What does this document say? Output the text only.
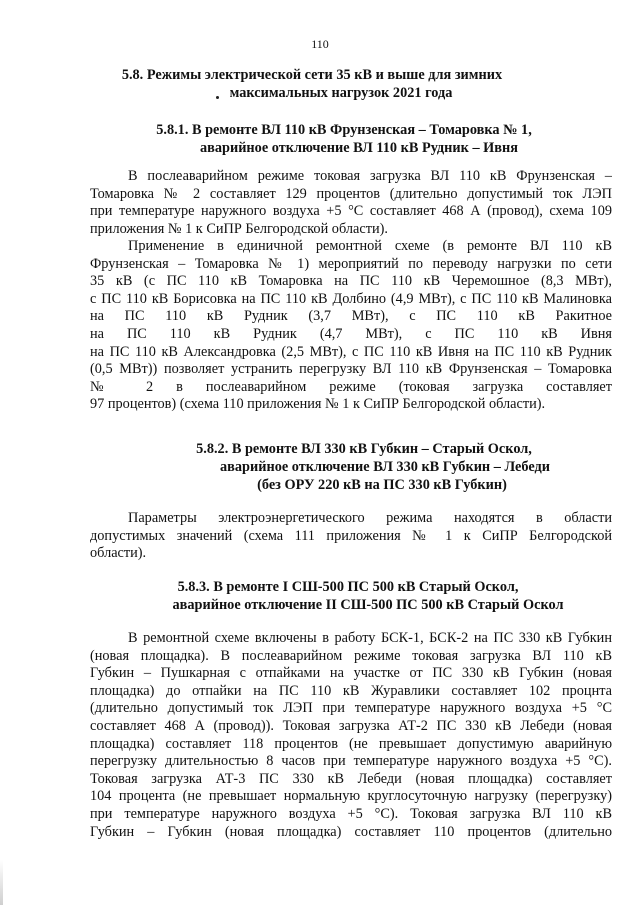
110
5.8. Режимы электрической сети 35 кВ и выше для зимних
максимальных нагрузок 2021 года
5.8.1. В ремонте ВЛ 110 кВ Фрунзенская – Томаровка № 1,
аварийное отключение ВЛ 110 кВ Рудник – Ивня
В послеаварийном режиме токовая загрузка ВЛ 110 кВ Фрунзенская –
Томаровка № 2 составляет 129 процентов (длительно допустимый ток ЛЭП
при температуре наружного воздуха +5 °С составляет 468 А (провод), схема 109
приложения № 1 к СиПР Белгородской области).
Применение в единичной ремонтной схеме (в ремонте ВЛ 110 кВ
Фрунзенская – Томаровка № 1) мероприятий по переводу нагрузки по сети
35 кВ (с ПС 110 кВ Томаровка на ПС 110 кВ Черемошное (8,3 МВт),
с ПС 110 кВ Борисовка на ПС 110 кВ Долбино (4,9 МВт), с ПС 110 кВ Малиновка
на ПС 110 кВ Рудник (3,7 МВт), с ПС 110 кВ Ракитное
на ПС 110 кВ Рудник (4,7 МВт), с ПС 110 кВ Ивня
на ПС 110 кВ Александровка (2,5 МВт), с ПС 110 кВ Ивня на ПС 110 кВ Рудник
(0,5 МВт)) позволяет устранить перегрузку ВЛ 110 кВ Фрунзенская – Томаровка
№ 2 в послеаварийном режиме (токовая загрузка составляет
97 процентов) (схема 110 приложения № 1 к СиПР Белгородской области).
5.8.2. В ремонте ВЛ 330 кВ Губкин – Старый Оскол,
аварийное отключение ВЛ 330 кВ Губкин – Лебеди
(без ОРУ 220 кВ на ПС 330 кВ Губкин)
Параметры электроэнергетического режима находятся в области
допустимых значений (схема 111 приложения № 1 к СиПР Белгородской
области).
5.8.3. В ремонте I СШ-500 ПС 500 кВ Старый Оскол,
аварийное отключение II СШ-500 ПС 500 кВ Старый Оскол
В ремонтной схеме включены в работу БСК-1, БСК-2 на ПС 330 кВ Губкин
(новая площадка). В послеаварийном режиме токовая загрузка ВЛ 110 кВ
Губкин – Пушкарная с отпайками на участке от ПС 330 кВ Губкин (новая
площадка) до отпайки на ПС 110 кВ Журавлики составляет 102 процнта
(длительно допустимый ток ЛЭП при температуре наружного воздуха +5 °С
составляет 468 А (провод)). Токовая загрузка АТ-2 ПС 330 кВ Лебеди (новая
площадка) составляет 118 процентов (не превышает допустимую аварийную
перегрузку длительностью 8 часов при температуре наружного воздуха +5 °С).
Токовая загрузка АТ-3 ПС 330 кВ Лебеди (новая площадка) составляет
104 процента (не превышает нормальную круглосуточную нагрузку (перегрузку)
при температуре наружного воздуха +5 °С). Токовая загрузка ВЛ 110 кВ
Губкин – Губкин (новая площадка) составляет 110 процентов (длительно
